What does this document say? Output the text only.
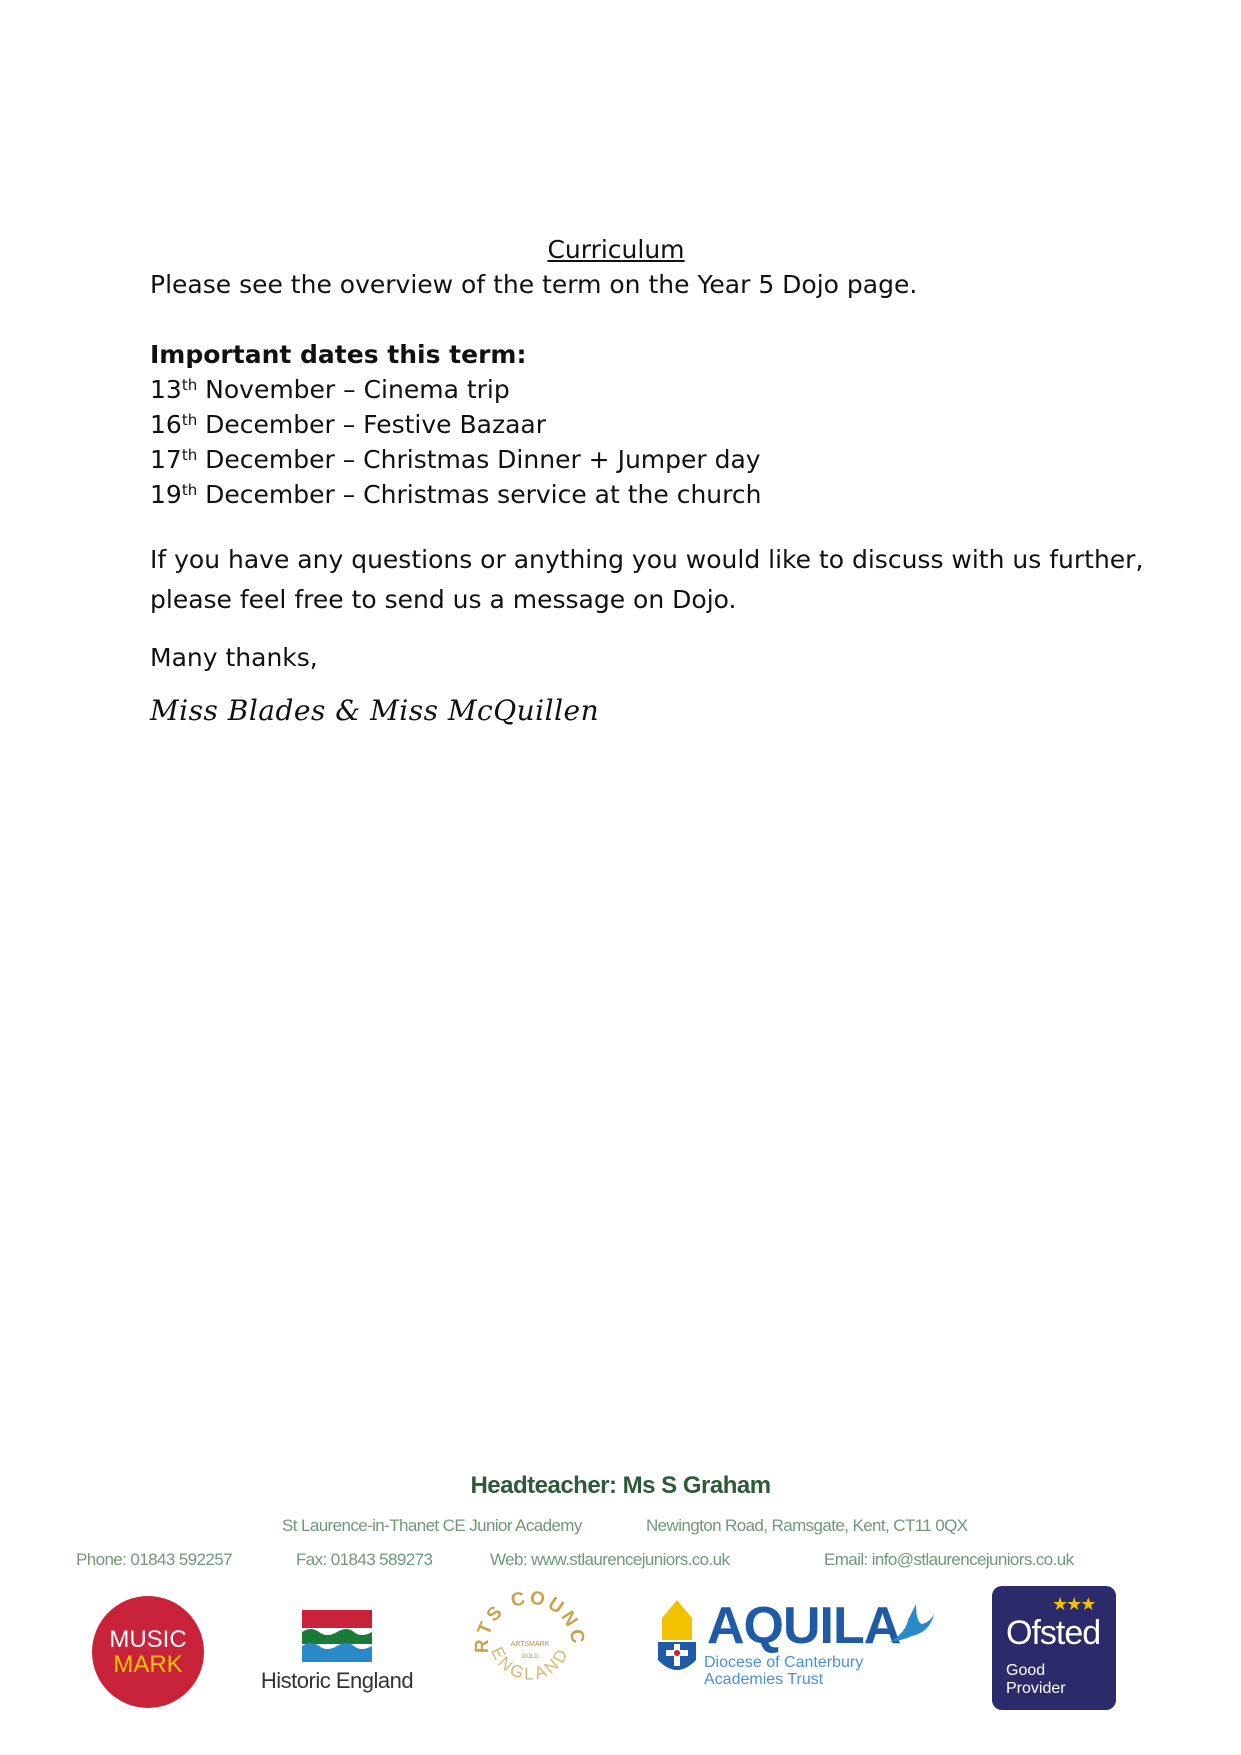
Curriculum

Please see the overview of the term on the Year 5 Dojo page.

Important dates this term:

13th November – Cinema trip

16th December – Festive Bazaar

17th December – Christmas Dinner + Jumper day

19th December – Christmas service at the church

If you have any questions or anything you would like to discuss with us further, please feel free to send us a message on Dojo.

Many thanks,

Miss Blades & Miss McQuillen

Headteacher: Ms S Graham
St Laurence-in-Thanet CE Junior Academy	Newington Road, Ramsgate, Kent, CT11 0QX
Phone: 01843 592257	Fax: 01843 589273	Web: www.stlaurencejuniors.co.uk	Email: info@stlaurencejuniors.co.uk
MUSIC
MARK
Historic England
RTS COUNC
ENGLAND
ARTSMARK
GOLD
AQUILA
Diocese of Canterbury
Academies Trust
★★★
Ofsted
Good
Provider
